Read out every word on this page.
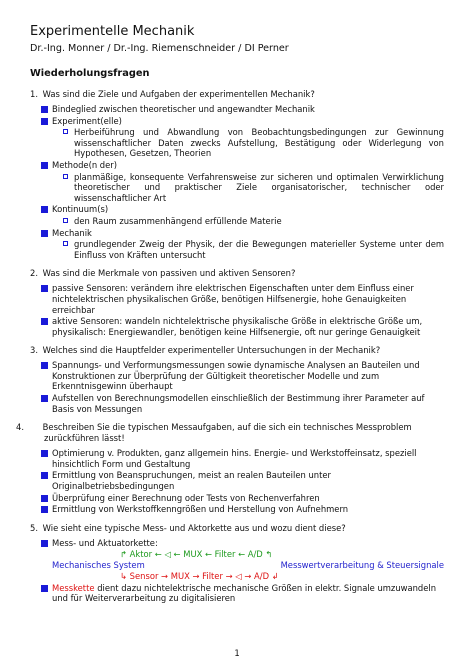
Experimentelle Mechanik
Dr.-Ing. Monner / Dr.-Ing. Riemenschneider / DI Perner
Wiederholungsfragen
1. Was sind die Ziele und Aufgaben der experimentellen Mechanik?
Bindeglied zwischen theoretischer und angewandter Mechanik
Experiment(elle)
Herbeiführung und Abwandlung von Beobachtungsbedingungen zur Gewinnung wissenschaftlicher Daten zwecks Aufstellung, Bestätigung oder Widerlegung von Hypothesen, Gesetzen, Theorien
Methode(n der)
planmäßige, konsequente Verfahrensweise zur sicheren und optimalen Verwirklichung theoretischer und praktischer Ziele organisatorischer, technischer oder wissenschaftlicher Art
Kontinuum(s)
den Raum zusammenhängend erfüllende Materie
Mechanik
grundlegender Zweig der Physik, der die Bewegungen materieller Systeme unter dem Einfluss von Kräften untersucht
2. Was sind die Merkmale von passiven und aktiven Sensoren?
passive Sensoren: verändern ihre elektrischen Eigenschaften unter dem Einfluss einer nichtelektrischen physikalischen Größe, benötigen Hilfsenergie, hohe Genauigkeiten erreichbar
aktive Sensoren: wandeln nichtelektrische physikalische Größe in elektrische Größe um, physikalisch: Energiewandler, benötigen keine Hilfsenergie, oft nur geringe Genauigkeit
3. Welches sind die Hauptfelder experimenteller Untersuchungen in der Mechanik?
Spannungs- und Verformungsmessungen sowie dynamische Analysen an Bauteilen und Konstruktionen zur Überprüfung der Gültigkeit theoretischer Modelle und zum Erkenntnisgewinn überhaupt
Aufstellen von Berechnungsmodellen einschließlich der Bestimmung ihrer Parameter auf Basis von Messungen
4. Beschreiben Sie die typischen Messaufgaben, auf die sich ein technisches Messproblem zurückführen lässt!
Optimierung v. Produkten, ganz allgemein hins. Energie- und Werkstoffeinsatz, speziell hinsichtlich Form und Gestaltung
Ermittlung von Beanspruchungen, meist an realen Bauteilen unter Originalbetriebsbedingungen
Überprüfung einer Berechnung oder Tests von Rechenverfahren
Ermittlung von Werkstoffkenngrößen und Herstellung von Aufnehmern
5. Wie sieht eine typische Mess- und Aktorkette aus und wozu dient diese?
Mess- und Aktuatorkette:
↱ Aktor ← ◁ ← MUX ← Filter ← A/D ↰
Mechanisches System	Messwertverarbeitung & Steuersignale
↳ Sensor → MUX → Filter → ◁ → A/D ↲
Messkette dient dazu nichtelektrische mechanische Größen in elektr. Signale umzuwandeln und für Weiterverarbeitung zu digitalisieren
1
